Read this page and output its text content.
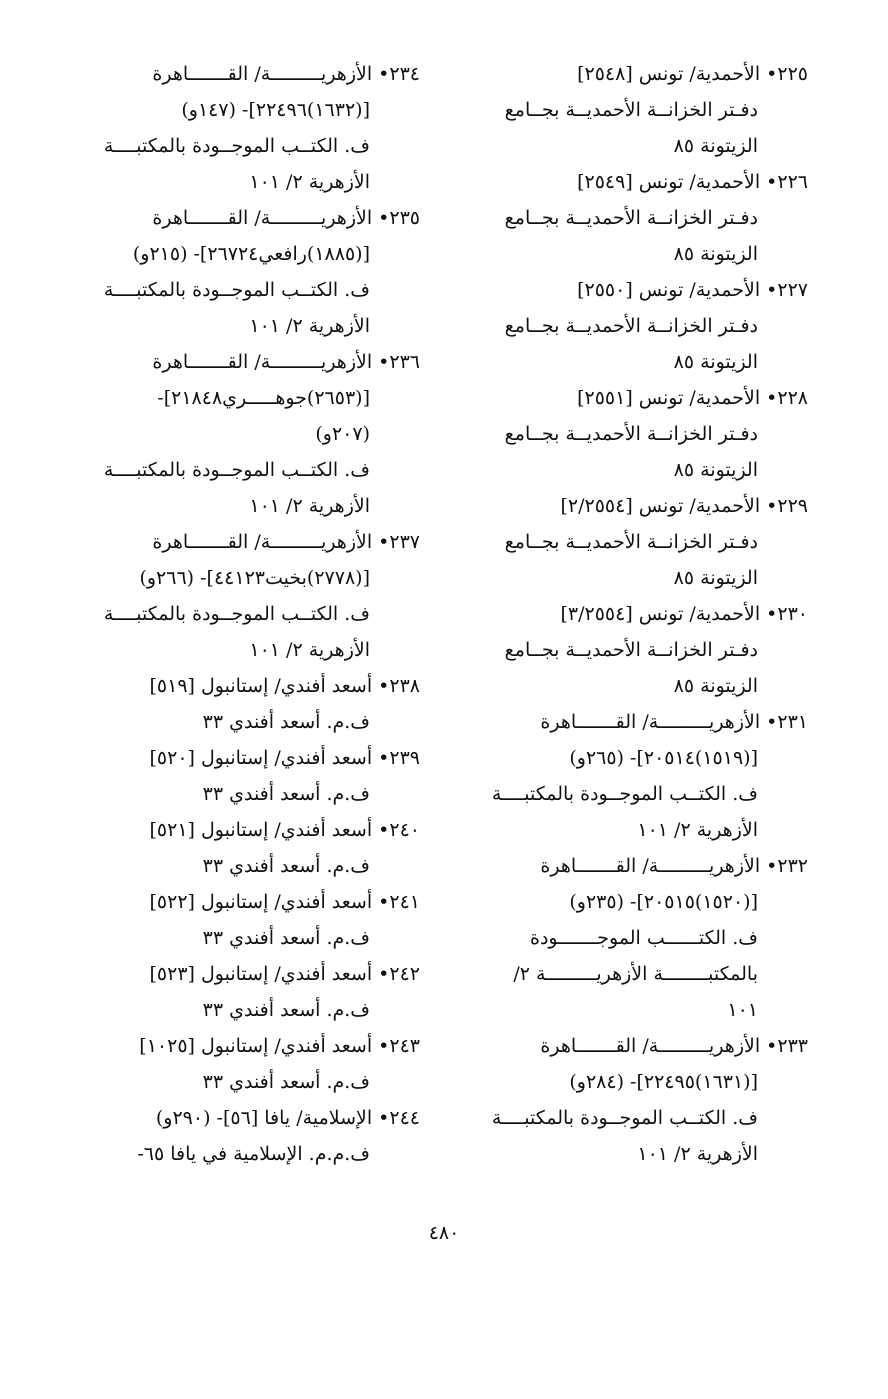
٢٢٥• الأحمدية/ تونس [٢٥٤٨]
دفـتر الخزانــة الأحمديــة بجــامع
الزيتونة ٨٥
٢٢٦• الأحمدية/ تونس [٢٥٤٩]
دفـتر الخزانــة الأحمديــة بجــامع
الزيتونة ٨٥
٢٢٧• الأحمدية/ تونس [٢٥٥٠]
دفـتر الخزانــة الأحمديــة بجــامع
الزيتونة ٨٥
٢٢٨• الأحمدية/ تونس [٢٥٥١]
دفـتر الخزانــة الأحمديــة بجــامع
الزيتونة ٨٥
٢٢٩• الأحمدية/ تونس [٢/٢٥٥٤]
دفـتر الخزانــة الأحمديــة بجــامع
الزيتونة ٨٥
٢٣٠• الأحمدية/ تونس [٣/٢٥٥٤]
دفـتر الخزانــة الأحمديــة بجــامع
الزيتونة ٨٥
٢٣١• الأزهريـــــــــة/ القـــــــاهرة
[(١٥١٩)٢٠٥١٤]- (٢٦٥و)
ف. الكتــب الموجــودة بالمكتبــــة
الأزهرية ٢/ ١٠١
٢٣٢• الأزهريـــــــــة/ القـــــــاهرة
[(١٥٢٠)٢٠٥١٥]- (٢٣٥و)
ف. الكتــــــب الموجـــــــودة
بالمكتبــــــــة الأزهريـــــــــة ٢/
١٠١
٢٣٣• الأزهريـــــــــة/ القـــــــاهرة
[(١٦٣١)٢٢٤٩٥]- (٢٨٤و)
ف. الكتــب الموجــودة بالمكتبــــة
الأزهرية ٢/ ١٠١
٢٣٤• الأزهريـــــــــة/ القـــــــاهرة
[(١٦٣٢)٢٢٤٩٦]- (١٤٧و)
ف. الكتــب الموجــودة بالمكتبــــة
الأزهرية ٢/ ١٠١
٢٣٥• الأزهريـــــــــة/ القـــــــاهرة
[(١٨٨٥)رافعي٢٦٧٢٤]- (٢١٥و)
ف. الكتــب الموجــودة بالمكتبــــة
الأزهرية ٢/ ١٠١
٢٣٦• الأزهريـــــــــة/ القـــــــاهرة
[(٢٦٥٣)جوهـــــري٢١٨٤٨]-
(٢٠٧و)
ف. الكتــب الموجــودة بالمكتبــــة
الأزهرية ٢/ ١٠١
٢٣٧• الأزهريـــــــــة/ القـــــــاهرة
[(٢٧٧٨)بخيت٤٤١٢٣]- (٢٦٦و)
ف. الكتــب الموجــودة بالمكتبــــة
الأزهرية ٢/ ١٠١
٢٣٨• أسعد أفندي/ إستانبول [٥١٩]
ف.م. أسعد أفندي ٣٣
٢٣٩• أسعد أفندي/ إستانبول [٥٢٠]
ف.م. أسعد أفندي ٣٣
٢٤٠• أسعد أفندي/ إستانبول [٥٢١]
ف.م. أسعد أفندي ٣٣
٢٤١• أسعد أفندي/ إستانبول [٥٢٢]
ف.م. أسعد أفندي ٣٣
٢٤٢• أسعد أفندي/ إستانبول [٥٢٣]
ف.م. أسعد أفندي ٣٣
٢٤٣• أسعد أفندي/ إستانبول [١٠٢٥]
ف.م. أسعد أفندي ٣٣
٢٤٤• الإسلامية/ يافا [٥٦]- (٢٩٠و)
ف.م.م. الإسلامية في يافا ٦٥-
٤٨٠
